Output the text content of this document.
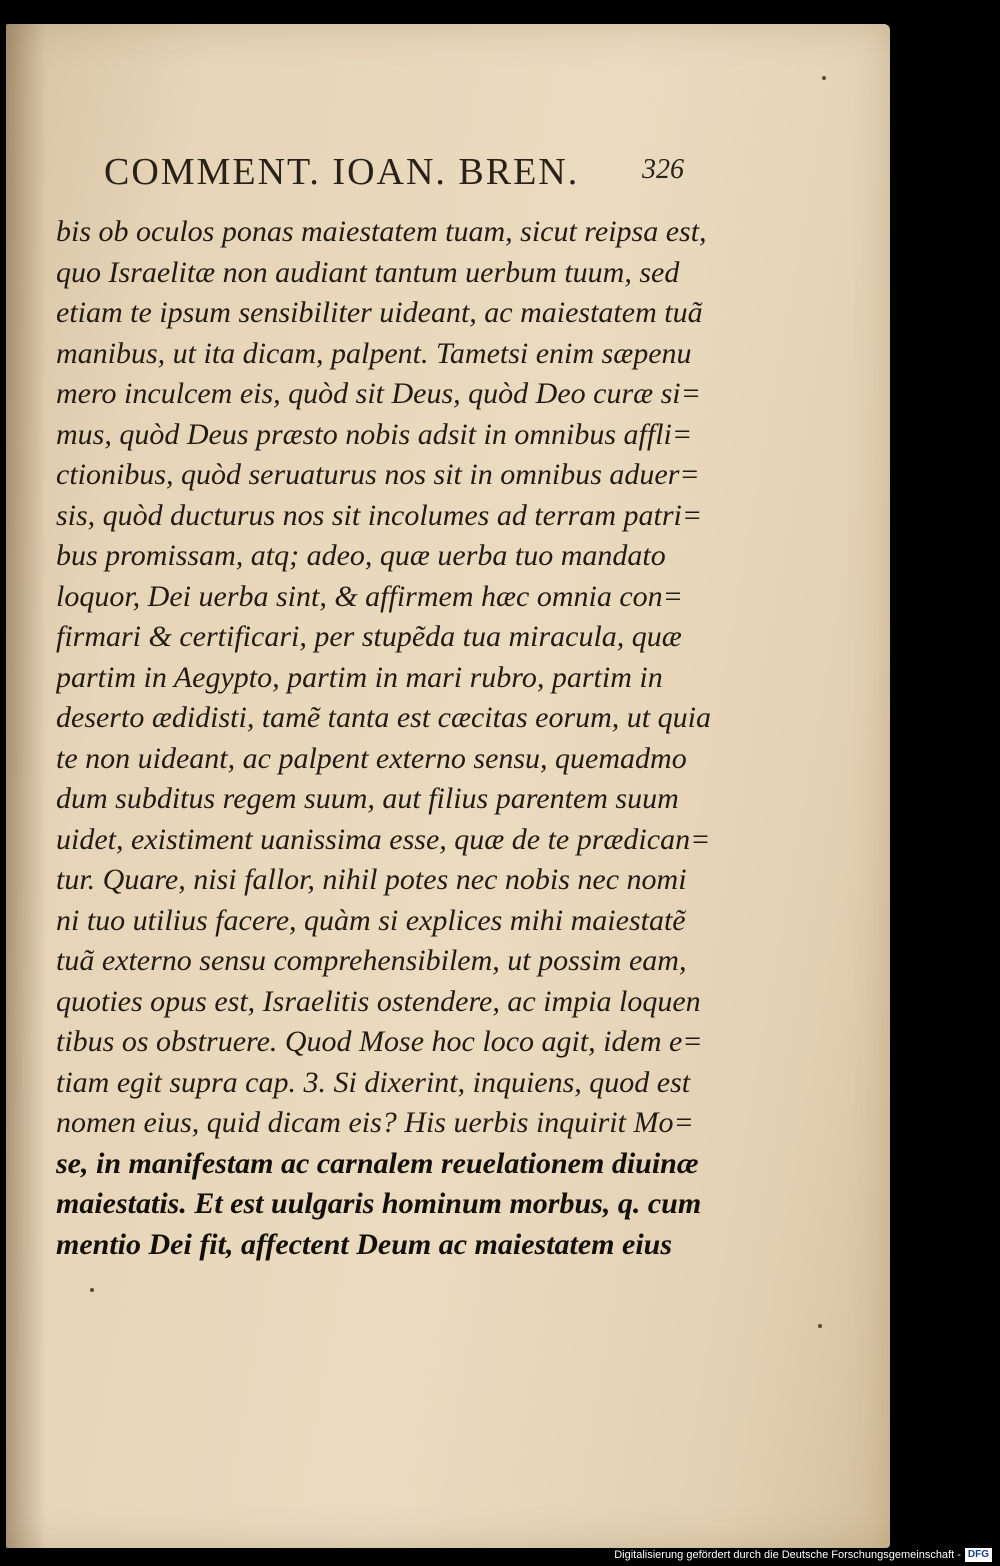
COMMENT. IOAN. BREN. 326
bis ob oculos ponas maiestatem tuam, sicut reipsa est,
quo Israelitæ non audiant tantum uerbum tuum, sed
etiam te ipsum sensibiliter uideant, ac maiestatem tuã
manibus, ut ita dicam, palpent. Tametsi enim sæpenu
mero inculcem eis, quòd sit Deus, quòd Deo curæ si=
mus, quòd Deus præsto nobis adsit in omnibus affli=
ctionibus, quòd seruaturus nos sit in omnibus aduer=
sis, quòd ducturus nos sit incolumes ad terram patri=
bus promissam, atq; adeo, quæ uerba tuo mandato
loquor, Dei uerba sint, & affirmem hæc omnia con=
firmari & certificari, per stupẽda tua miracula, quæ
partim in Aegypto, partim in mari rubro, partim in
deserto ædidisti, tamẽ tanta est cæcitas eorum, ut quia
te non uideant, ac palpent externo sensu, quemadmo
dum subditus regem suum, aut filius parentem suum
uidet, existiment uanissima esse, quæ de te prædican=
tur. Quare, nisi fallor, nihil potes nec nobis nec nomi
ni tuo utilius facere, quàm si explices mihi maiestatẽ
tuã externo sensu comprehensibilem, ut possim eam,
quoties opus est, Israelitis ostendere, ac impia loquen
tibus os obstruere. Quod Mose hoc loco agit, idem e=
tiam egit supra cap. 3. Si dixerint, inquiens, quod est
nomen eius, quid dicam eis? His uerbis inquirit Mo=
se, in manifestam ac carnalem reuelationem diuinæ
maiestatis. Et est uulgaris hominum morbus, q. cum
mentio Dei fit, affectent Deum ac maiestatem eius
Digitalisierung gefördert durch die Deutsche Forschungsgemeinschaft - DFG
